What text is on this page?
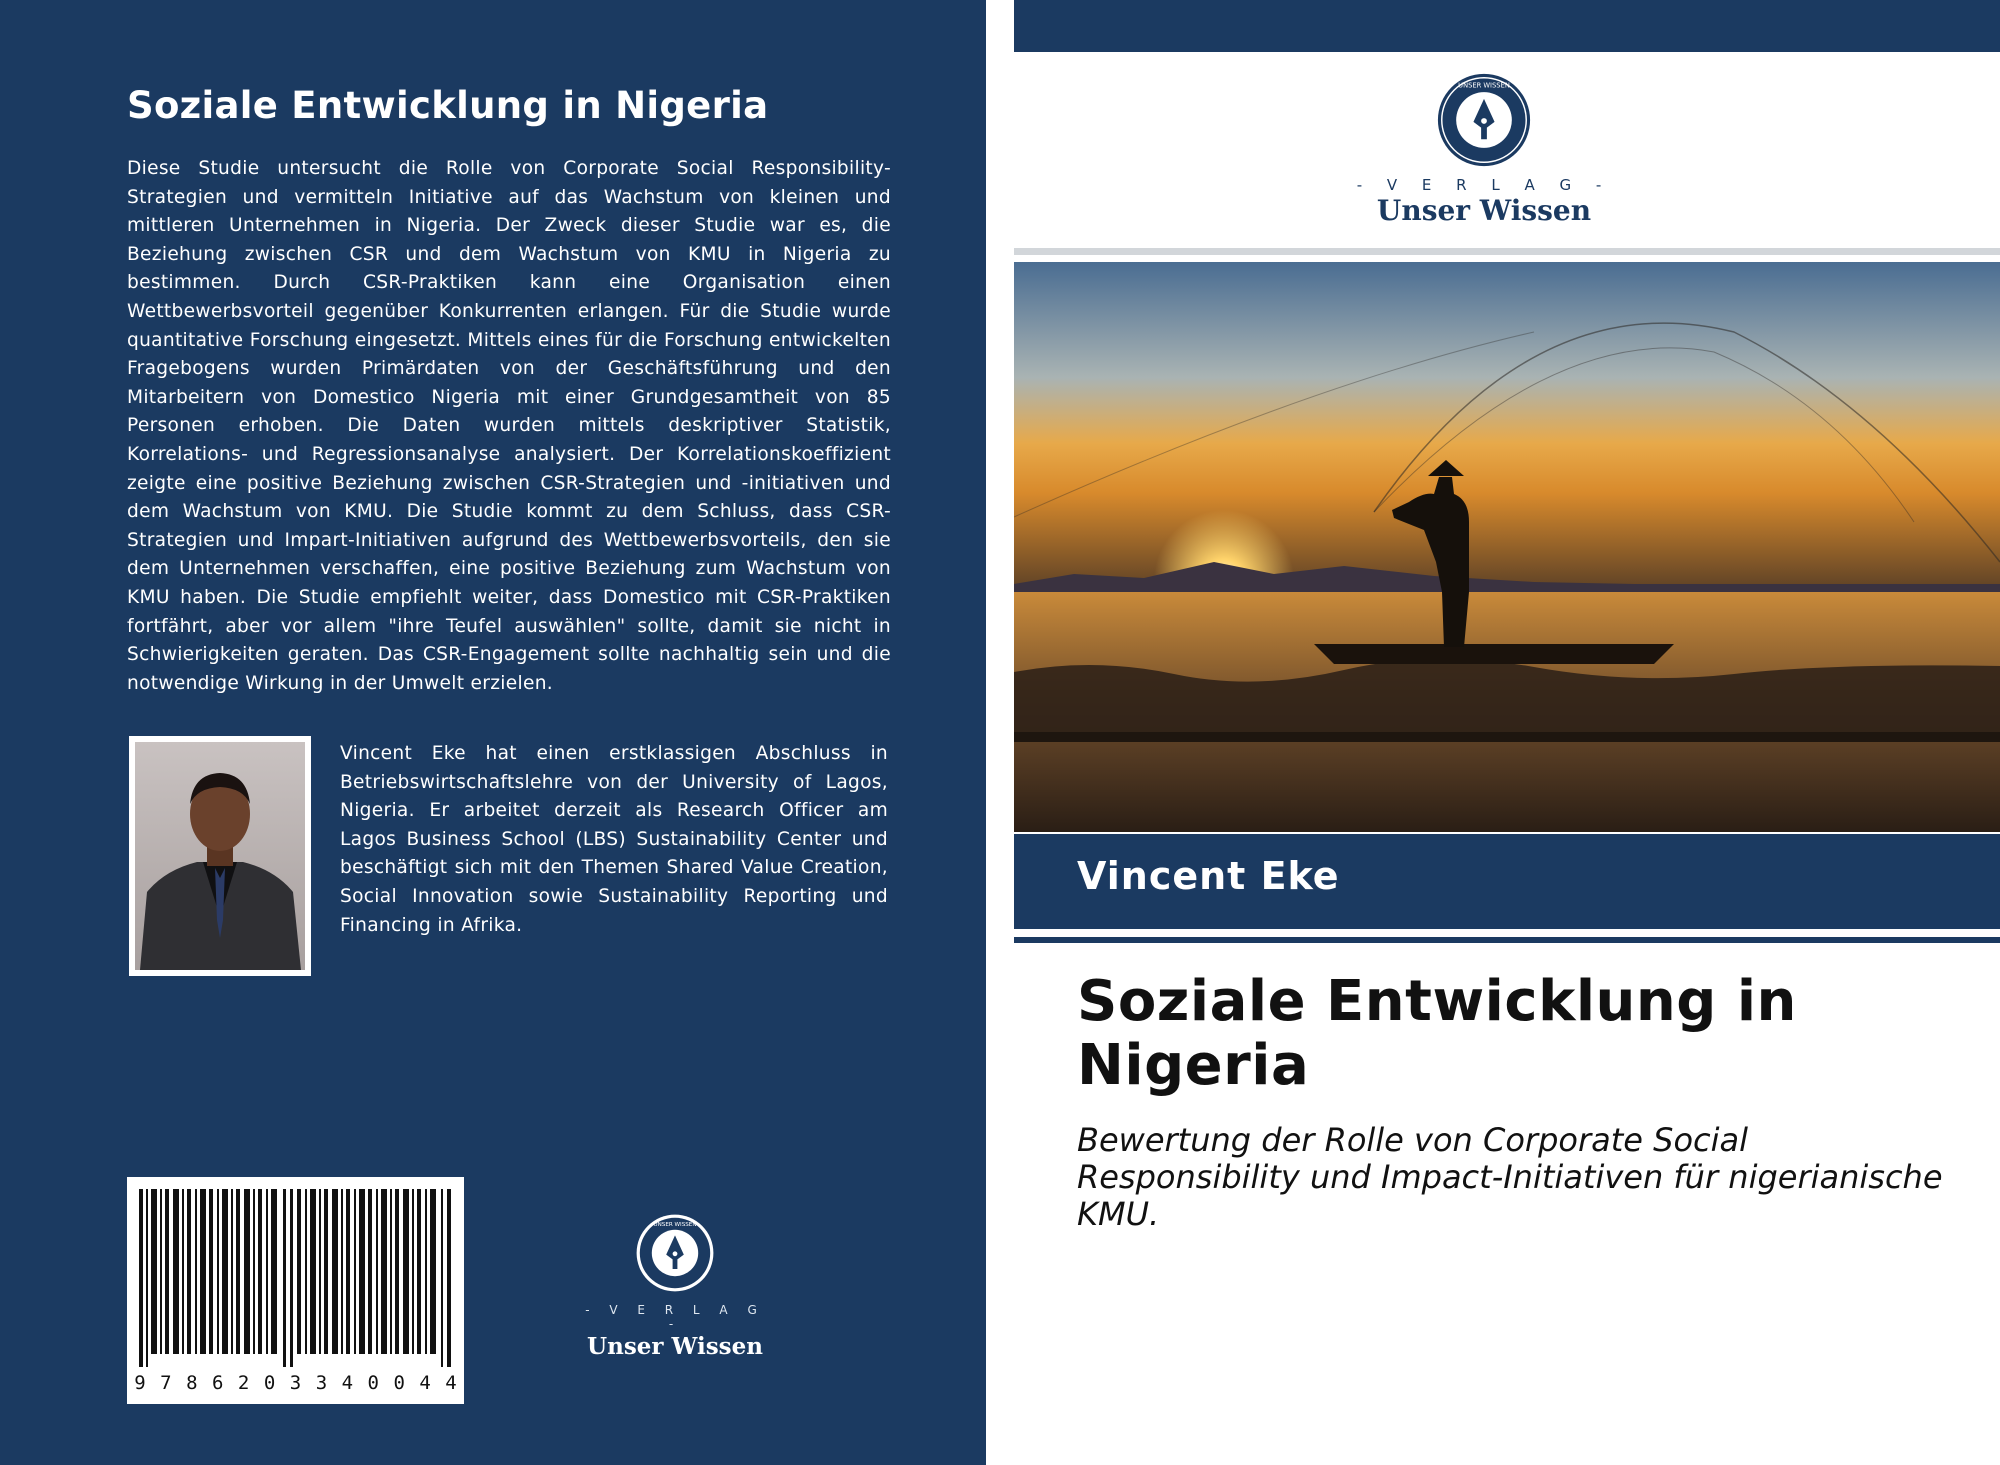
Soziale Entwicklung in Nigeria

Diese Studie untersucht die Rolle von Corporate Social Responsibility-Strategien und vermitteln Initiative auf das Wachstum von kleinen und mittleren Unternehmen in Nigeria. Der Zweck dieser Studie war es, die Beziehung zwischen CSR und dem Wachstum von KMU in Nigeria zu bestimmen. Durch CSR-Praktiken kann eine Organisation einen Wettbewerbsvorteil gegenüber Konkurrenten erlangen. Für die Studie wurde quantitative Forschung eingesetzt. Mittels eines für die Forschung entwickelten Fragebogens wurden Primärdaten von der Geschäftsführung und den Mitarbeitern von Domestico Nigeria mit einer Grundgesamtheit von 85 Personen erhoben. Die Daten wurden mittels deskriptiver Statistik, Korrelations- und Regressionsanalyse analysiert. Der Korrelationskoeffizient zeigte eine positive Beziehung zwischen CSR-Strategien und -initiativen und dem Wachstum von KMU. Die Studie kommt zu dem Schluss, dass CSR-Strategien und Impart-Initiativen aufgrund des Wettbewerbsvorteils, den sie dem Unternehmen verschaffen, eine positive Beziehung zum Wachstum von KMU haben. Die Studie empfiehlt weiter, dass Domestico mit CSR-Praktiken fortfährt, aber vor allem "ihre Teufel auswählen" sollte, damit sie nicht in Schwierigkeiten geraten. Das CSR-Engagement sollte nachhaltig sein und die notwendige Wirkung in der Umwelt erzielen.

Vincent Eke hat einen erstklassigen Abschluss in Betriebswirtschaftslehre von der University of Lagos, Nigeria. Er arbeitet derzeit als Research Officer am Lagos Business School (LBS) Sustainability Center und beschäftigt sich mit den Themen Shared Value Creation, Social Innovation sowie Sustainability Reporting und Financing in Afrika.

9 7 8 6 2 0 3 3 4 0 0 4 4
UNSER WISSEN
- V E R L A G -
Unser Wissen
UNSER WISSEN
- V E R L A G -
Unser Wissen
Vincent Eke
Soziale Entwicklung in Nigeria

Bewertung der Rolle von Corporate Social Responsibility und Impact-Initiativen für nigerianische KMU.
